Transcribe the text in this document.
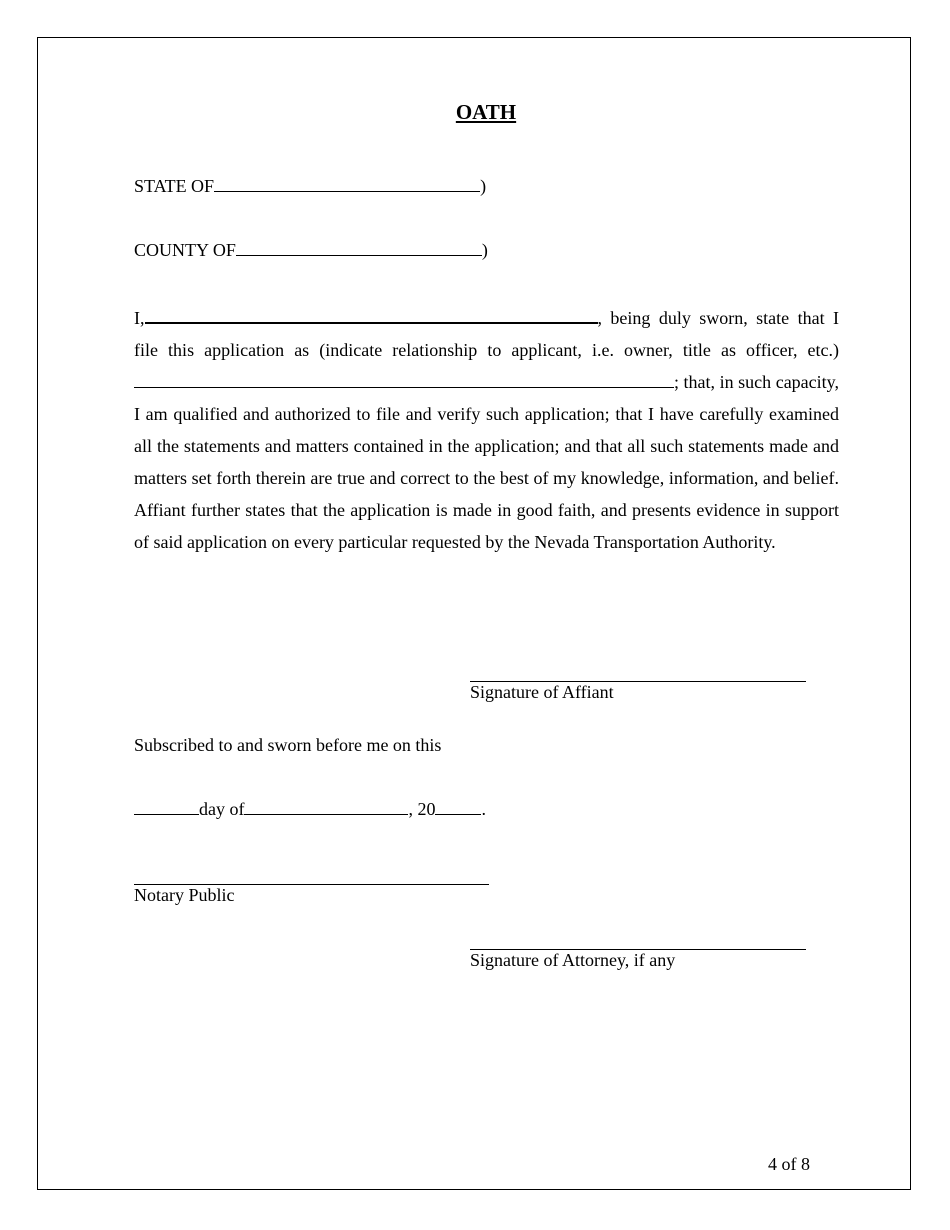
OATH
STATE OF	)
COUNTY OF	)
I,	, being duly sworn, state that I file this application as (indicate relationship to applicant, i.e. owner, title as officer, etc.) ; that, in such capacity, I am qualified and authorized to file and verify such application; that I have carefully examined all the statements and matters contained in the application; and that all such statements made and matters set forth therein are true and correct to the best of my knowledge, information, and belief. Affiant further states that the application is made in good faith, and presents evidence in support of said application on every particular requested by the Nevada Transportation Authority.
Signature of Affiant
Subscribed to and sworn before me on this
day of	, 20	.
Notary Public
Signature of Attorney, if any
4 of 8
